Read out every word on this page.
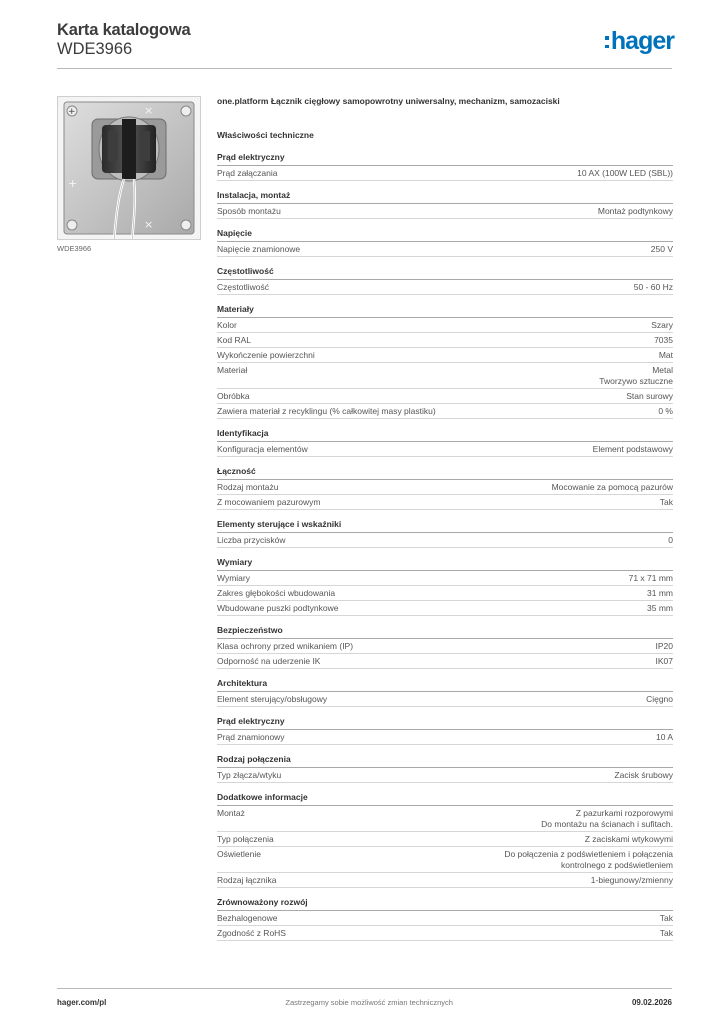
Karta katalogowa
WDE3966	hager
+	×
×
+
WDE3966
one.platform Łącznik cięgłowy samopowrotny uniwersalny, mechanizm, samozaciski
Właściwości techniczne
Prąd elektryczny
Prąd załączania	10 AX (100W LED (SBL))
Instalacja, montaż
Sposób montażu	Montaż podtynkowy
Napięcie
Napięcie znamionowe	250 V
Częstotliwość
Częstotliwość	50 - 60 Hz
Materiały
Kolor	Szary
Kod RAL	7035
Wykończenie powierzchni	Mat
Materiał	Metal
Tworzywo sztuczne
Obróbka	Stan surowy
Zawiera materiał z recyklingu (% całkowitej masy plastiku)	0 %
Identyfikacja
Konfiguracja elementów	Element podstawowy
Łączność
Rodzaj montażu	Mocowanie za pomocą pazurów
Z mocowaniem pazurowym	Tak
Elementy sterujące i wskaźniki
Liczba przycisków	0
Wymiary
Wymiary	71 x 71 mm
Zakres głębokości wbudowania	31 mm
Wbudowane puszki podtynkowe	35 mm
Bezpieczeństwo
Klasa ochrony przed wnikaniem (IP)	IP20
Odporność na uderzenie IK	IK07
Architektura
Element sterujący/obsługowy	Cięgno
Prąd elektryczny
Prąd znamionowy	10 A
Rodzaj połączenia
Typ złącza/wtyku	Zacisk śrubowy
Dodatkowe informacje
Montaż	Z pazurkami rozporowymi
Do montażu na ścianach i sufitach.
Typ połączenia	Z zaciskami wtykowymi
Oświetlenie	Do połączenia z podświetleniem i połączenia
kontrolnego z podświetleniem
Rodzaj łącznika	1-biegunowy/zmienny
Zrównoważony rozwój
Bezhalogenowe	Tak
Zgodność z RoHS	Tak
hager.com/pl	Zastrzegamy sobie możliwość zmian technicznych	09.02.2026
